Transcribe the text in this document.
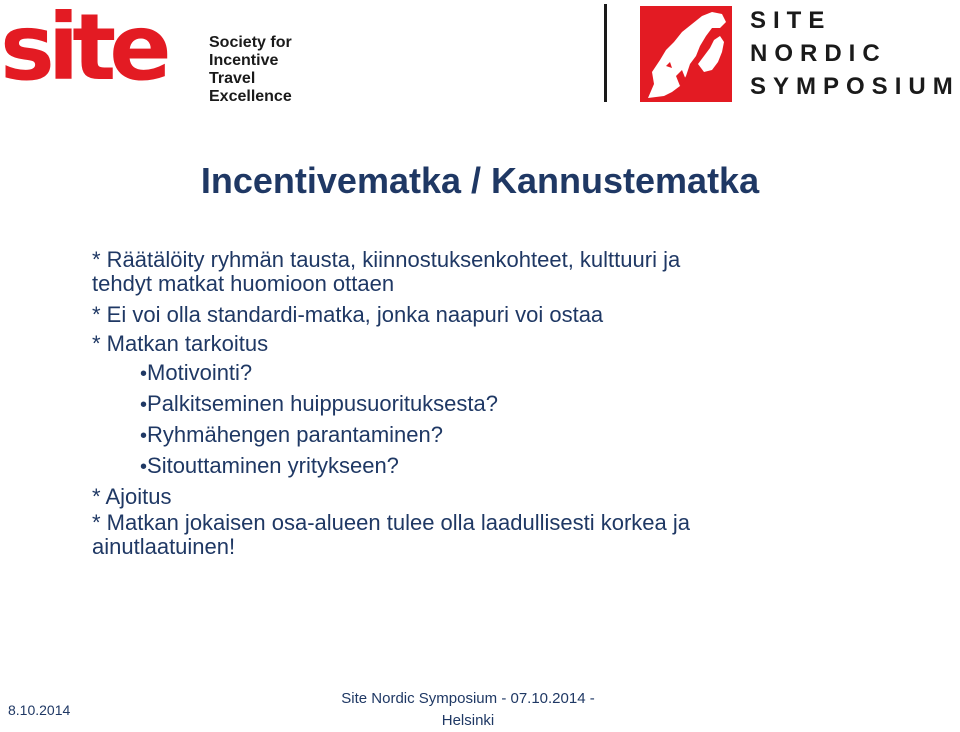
site	Society for
Incentive
Travel
Excellence
SITE
NORDIC
SYMPOSIUM
Incentivematka / Kannustematka
* Räätälöity ryhmän tausta, kiinnostuksenkohteet, kulttuuri ja
tehdyt matkat huomioon ottaen
* Ei voi olla standardi-matka, jonka naapuri voi ostaa
* Matkan tarkoitus
•Motivointi?
•Palkitseminen huippusuorituksesta?
•Ryhmähengen parantaminen?
•Sitouttaminen yritykseen?
* Ajoitus
* Matkan jokaisen osa-alueen tulee olla laadullisesti korkea ja
ainutlaatuinen!
8.10.2014
Site Nordic Symposium - 07.10.2014 -
Helsinki
